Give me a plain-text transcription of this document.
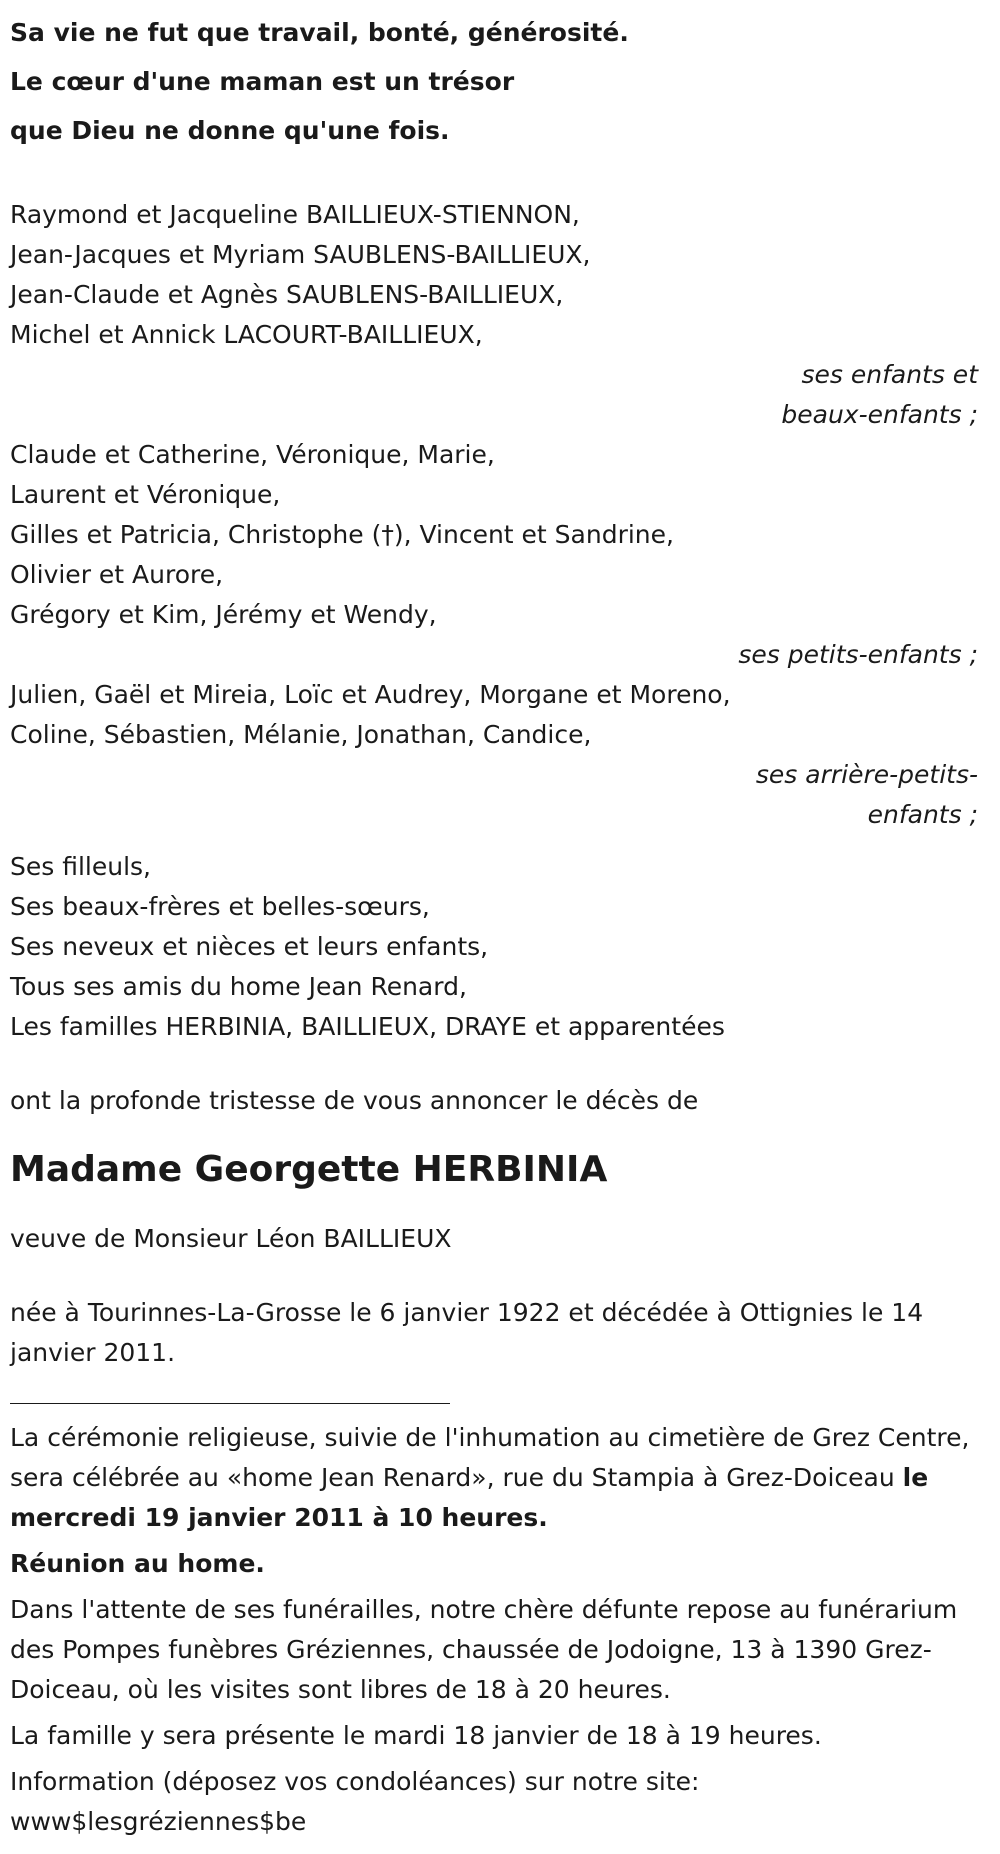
Sa vie ne fut que travail, bonté, générosité.
Le cœur d'une maman est un trésor
que Dieu ne donne qu'une fois.
Raymond et Jacqueline BAILLIEUX-STIENNON,
Jean-Jacques et Myriam SAUBLENS-BAILLIEUX,
Jean-Claude et Agnès SAUBLENS-BAILLIEUX,
Michel et Annick LACOURT-BAILLIEUX,
ses enfants et
beaux-enfants ;
Claude et Catherine, Véronique, Marie,
Laurent et Véronique,
Gilles et Patricia, Christophe (†), Vincent et Sandrine,
Olivier et Aurore,
Grégory et Kim, Jérémy et Wendy,
ses petits-enfants ;
Julien, Gaël et Mireia, Loïc et Audrey, Morgane et Moreno,
Coline, Sébastien, Mélanie, Jonathan, Candice,
ses arrière-petits-
enfants ;
Ses filleuls,
Ses beaux-frères et belles-sœurs,
Ses neveux et nièces et leurs enfants,
Tous ses amis du home Jean Renard,
Les familles HERBINIA, BAILLIEUX, DRAYE et apparentées
ont la profonde tristesse de vous annoncer le décès de
Madame Georgette HERBINIA
veuve de Monsieur Léon BAILLIEUX
née à Tourinnes-La-Grosse le 6 janvier 1922 et décédée à Ottignies le 14 janvier 2011.
La cérémonie religieuse, suivie de l'inhumation au cimetière de Grez Centre, sera célébrée au «home Jean Renard», rue du Stampia à Grez-Doiceau le mercredi 19 janvier 2011 à 10 heures.
Réunion au home.
Dans l'attente de ses funérailles, notre chère défunte repose au funérarium des Pompes funèbres Gréziennes, chaussée de Jodoigne, 13 à 1390 Grez-Doiceau, où les visites sont libres de 18 à 20 heures.
La famille y sera présente le mardi 18 janvier de 18 à 19 heures.
Information (déposez vos condoléances) sur notre site:
www$lesgréziennes$be
